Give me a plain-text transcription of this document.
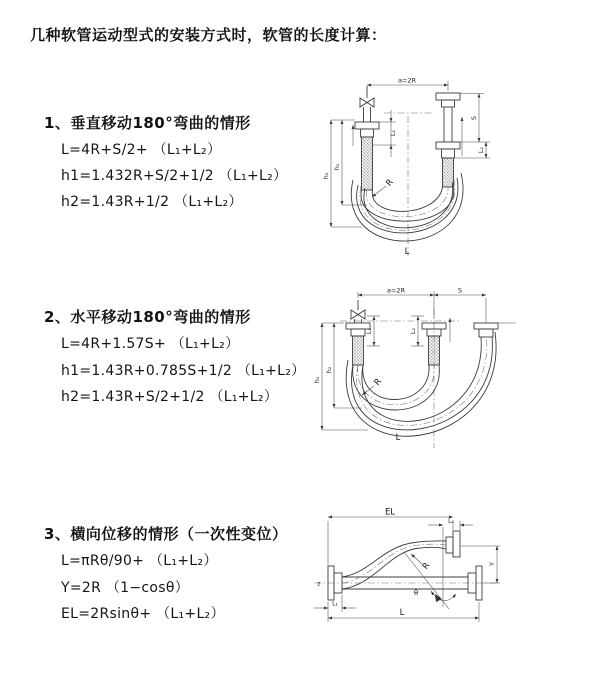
几种软管运动型式的安装方式时，软管的长度计算：
1、垂直移动180°弯曲的情形
L=4R+S/2+ （L₁+L₂）
h1=1.432R+S/2+1/2 （L₁+L₂）
h2=1.43R+1/2 （L₁+L₂）
2、水平移动180°弯曲的情形
L=4R+1.57S+ （L₁+L₂）
h1=1.43R+0.785S+1/2 （L₁+L₂）
h2=1.43R+S/2+1/2 （L₁+L₂）
3、横向位移的情形（一次性变位）
L=πRθ/90+ （L₁+L₂）
Y=2R （1−cosθ）
EL=2Rsinθ+ （L₁+L₂）
a=2R
S
L₂
L₁
h₁
h₂
R
L
a=2R	S
L₁	L₂
h₁
h₂
R
L
EL
L₂
Y
L
L₁
R
θ
z
